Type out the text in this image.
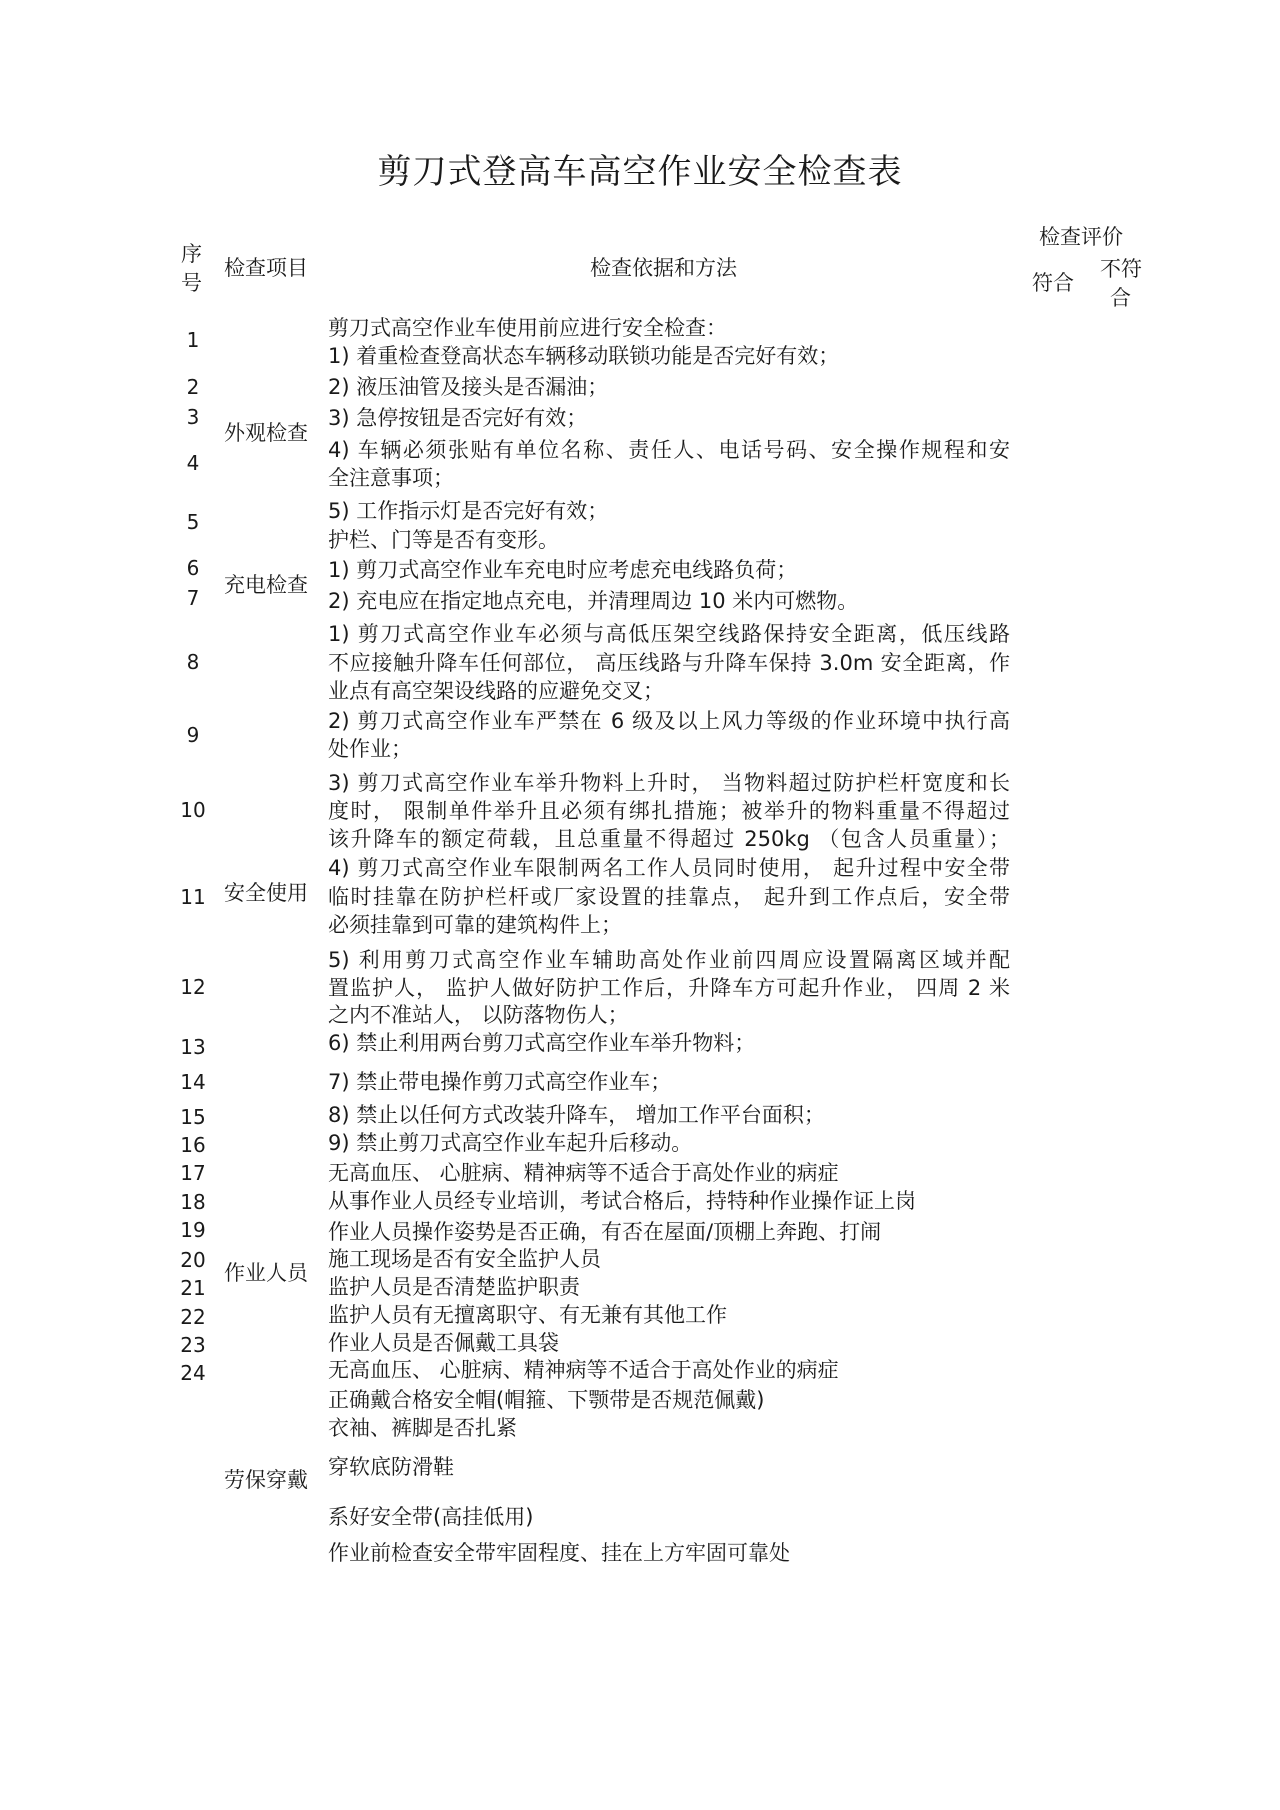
剪刀式登高车高空作业安全检查表
序
号
检查项目	检查依据和方法
检查评价
符合
不符
合
1
2
3
4
5
6
7
8
9
10
11
12
13
14
15
16
17
18
19
20
21
22
23
24
外观检查
充电检查
安全使用
作业人员
劳保穿戴
剪刀式高空作业车使用前应进行安全检查：
1) 着重检查登高状态车辆移动联锁功能是否完好有效；
2) 液压油管及接头是否漏油；
3) 急停按钮是否完好有效；
4) 车辆必须张贴有单位名称、责任人、电话号码、安全操作规程和安
全注意事项；
5) 工作指示灯是否完好有效；
护栏、门等是否有变形。
1) 剪刀式高空作业车充电时应考虑充电线路负荷；
2) 充电应在指定地点充电，并清理周边 10 米内可燃物。
1) 剪刀式高空作业车必须与高低压架空线路保持安全距离，低压线路
不应接触升降车任何部位， 高压线路与升降车保持 3.0m 安全距离，作
业点有高空架设线路的应避免交叉；
2) 剪刀式高空作业车严禁在 6 级及以上风力等级的作业环境中执行高
处作业；
3) 剪刀式高空作业车举升物料上升时， 当物料超过防护栏杆宽度和长
度时， 限制单件举升且必须有绑扎措施；被举升的物料重量不得超过
该升降车的额定荷载，且总重量不得超过 250kg （包含人员重量）；
4) 剪刀式高空作业车限制两名工作人员同时使用， 起升过程中安全带
临时挂靠在防护栏杆或厂家设置的挂靠点， 起升到工作点后，安全带
必须挂靠到可靠的建筑构件上；
5) 利用剪刀式高空作业车辅助高处作业前四周应设置隔离区域并配
置监护人， 监护人做好防护工作后，升降车方可起升作业， 四周 2 米
之内不准站人， 以防落物伤人；
6) 禁止利用两台剪刀式高空作业车举升物料；
7) 禁止带电操作剪刀式高空作业车；
8) 禁止以任何方式改装升降车， 增加工作平台面积；
9) 禁止剪刀式高空作业车起升后移动。
无高血压、 心脏病、精神病等不适合于高处作业的病症
从事作业人员经专业培训，考试合格后，持特种作业操作证上岗
作业人员操作姿势是否正确，有否在屋面/顶棚上奔跑、打闹
施工现场是否有安全监护人员
监护人员是否清楚监护职责
监护人员有无擅离职守、有无兼有其他工作
作业人员是否佩戴工具袋
无高血压、 心脏病、精神病等不适合于高处作业的病症
正确戴合格安全帽(帽箍、下颚带是否规范佩戴)
衣袖、裤脚是否扎紧
穿软底防滑鞋
系好安全带(高挂低用)
作业前检查安全带牢固程度、挂在上方牢固可靠处
